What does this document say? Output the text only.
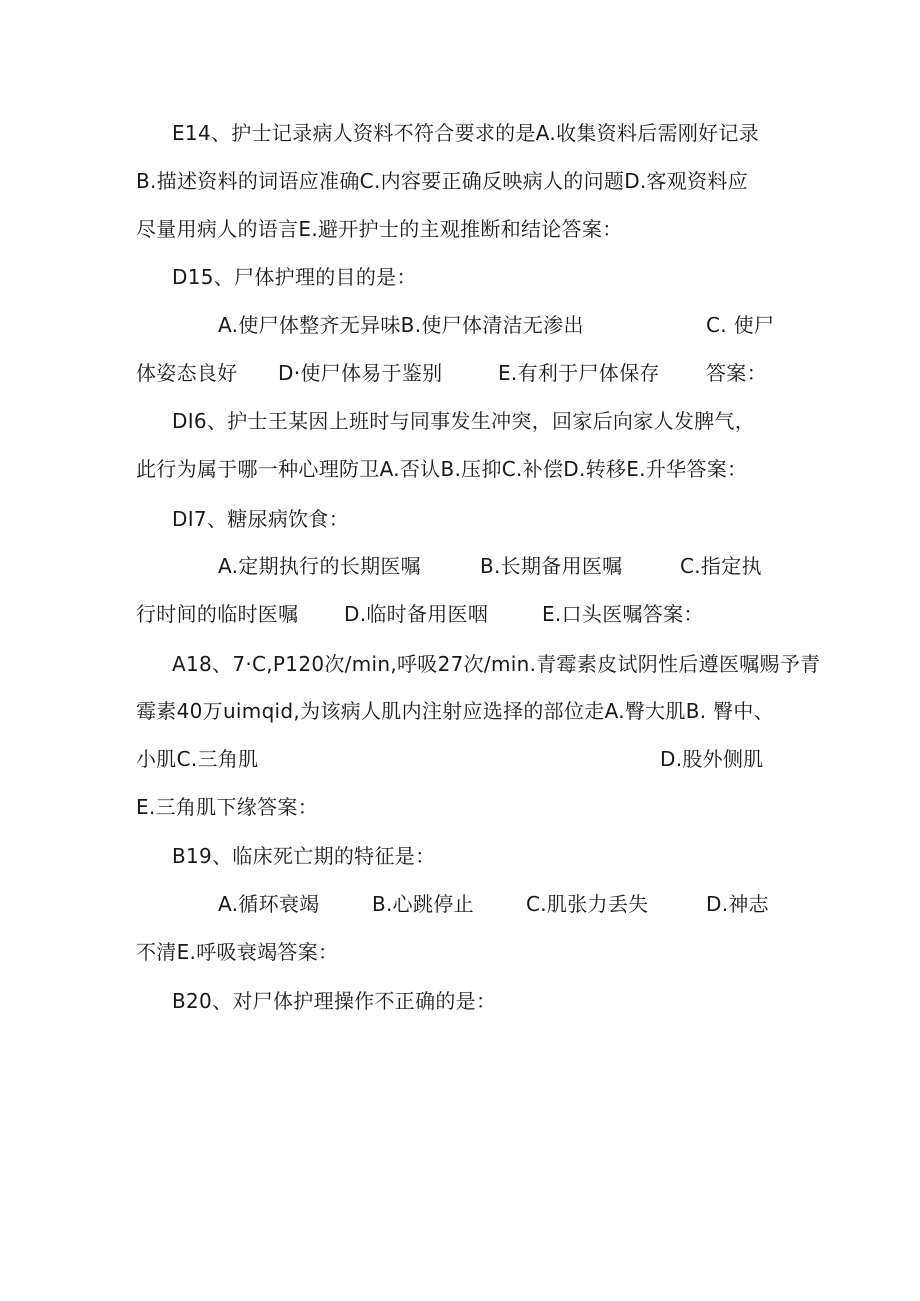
E14、护士记录病人资料不符合要求的是A.收集资料后需刚好记录
B.描述资料的词语应准确C.内容要正确反映病人的问题D.客观资料应
尽量用病人的语言E.避开护士的主观推断和结论答案：
D15、尸体护理的目的是：
A.使尸体整齐无异味B.使尸体清洁无渗出	C. 使尸
体姿态良好 D·使尸体易于鉴别	E.有利于尸体保存 答案：
DI6、护士王某因上班时与同事发生冲突，回家后向家人发脾气，
此行为属于哪一种心理防卫A.否认B.压抑C.补偿D.转移E.升华答案：
DI7、糖尿病饮食：
A.定期执行的长期医嘱	B.长期备用医嘱	C.指定执
行时间的临时医嘱 D.临时备用医咽	E.口头医嘱答案：
A18、7·C,P120次/min,呼吸27次/min.青霉素皮试阴性后遵医嘱赐予青
霉素40万uimqid,为该病人肌内注射应选择的部位走A.臀大肌B. 臀中、
小肌C.三角肌	D.股外侧肌
E.三角肌下缘答案：
B19、临床死亡期的特征是：
A.循环衰竭	B.心跳停止	C.肌张力丢失	D.神志
不清E.呼吸衰竭答案：
B20、对尸体护理操作不正确的是：
